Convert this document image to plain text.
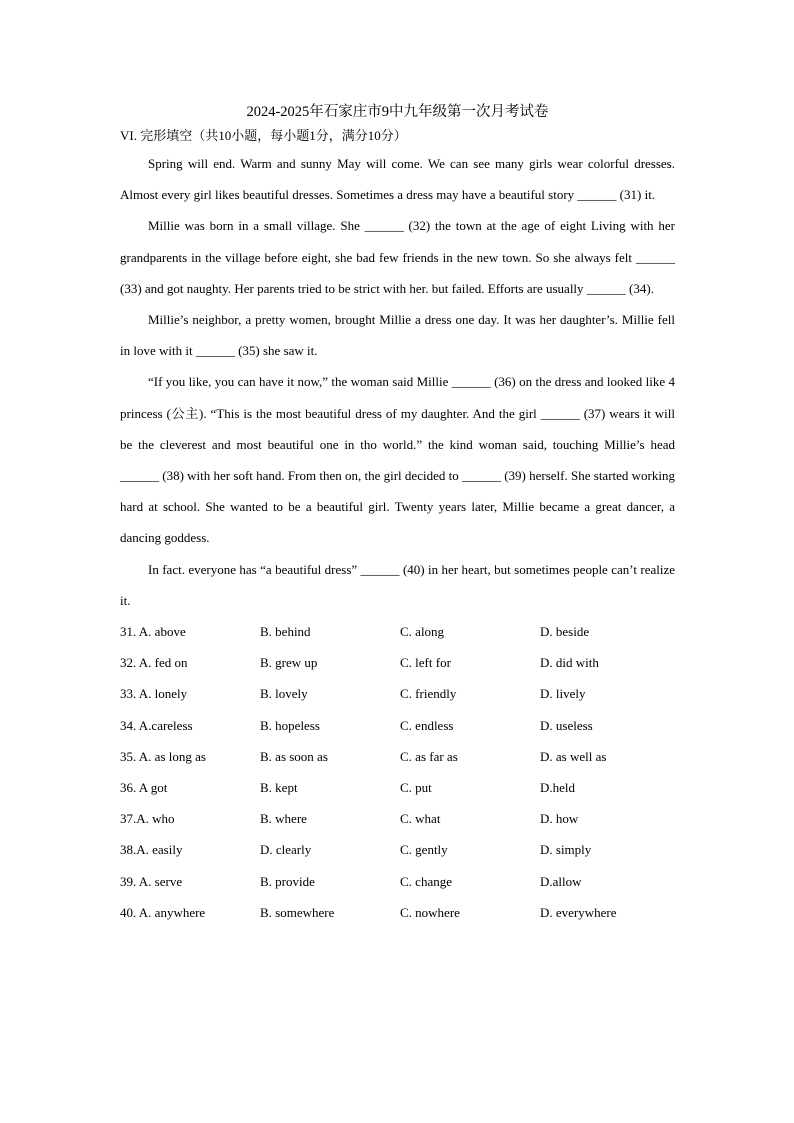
2024-2025年石家庄市9中九年级第一次月考试卷
VI. 完形填空（共10小题，每小题1分，满分10分）

Spring will end. Warm and sunny May will come. We can see many girls wear colorful dresses. Almost every girl likes beautiful dresses. Sometimes a dress may have a beautiful story ______ (31) it.

Millie was born in a small village. She ______ (32) the town at the age of eight Living with her grandparents in the village before eight, she bad few friends in the new town. So she always felt ______ (33) and got naughty. Her parents tried to be strict with her. but failed. Efforts are usually ______ (34).

Millie’s neighbor, a pretty women, brought Millie a dress one day. It was her daughter’s. Millie fell in love with it ______ (35) she saw it.

“If you like, you can have it now,” the woman said Millie ______ (36) on the dress and looked like 4 princess (公主). “This is the most beautiful dress of my daughter. And the girl ______ (37) wears it will be the cleverest and most beautiful one in tho world.” the kind woman said, touching Millie’s head ______ (38) with her soft hand. From then on, the girl decided to ______ (39) herself. She started working hard at school. She wanted to be a beautiful girl. Twenty years later, Millie became a great dancer, a dancing goddess.

In fact. everyone has “a beautiful dress” ______ (40) in her heart, but sometimes people can’t realize it.

31. A. above	B. behind	C. along	D. beside
32. A. fed on	B. grew up	C. left for	D. did with
33. A. lonely	B. lovely	C. friendly	D. lively
34. A.careless	B. hopeless	C. endless	D. useless
35. A. as long as	B. as soon as	C. as far as	D. as well as
36. A got	B. kept	C. put	D.held
37.A. who	B. where	C. what	D. how
38.A. easily	D. clearly	C. gently	D. simply
39. A. serve	B. provide	C. change	D.allow
40. A. anywhere	B. somewhere	C. nowhere	D. everywhere
